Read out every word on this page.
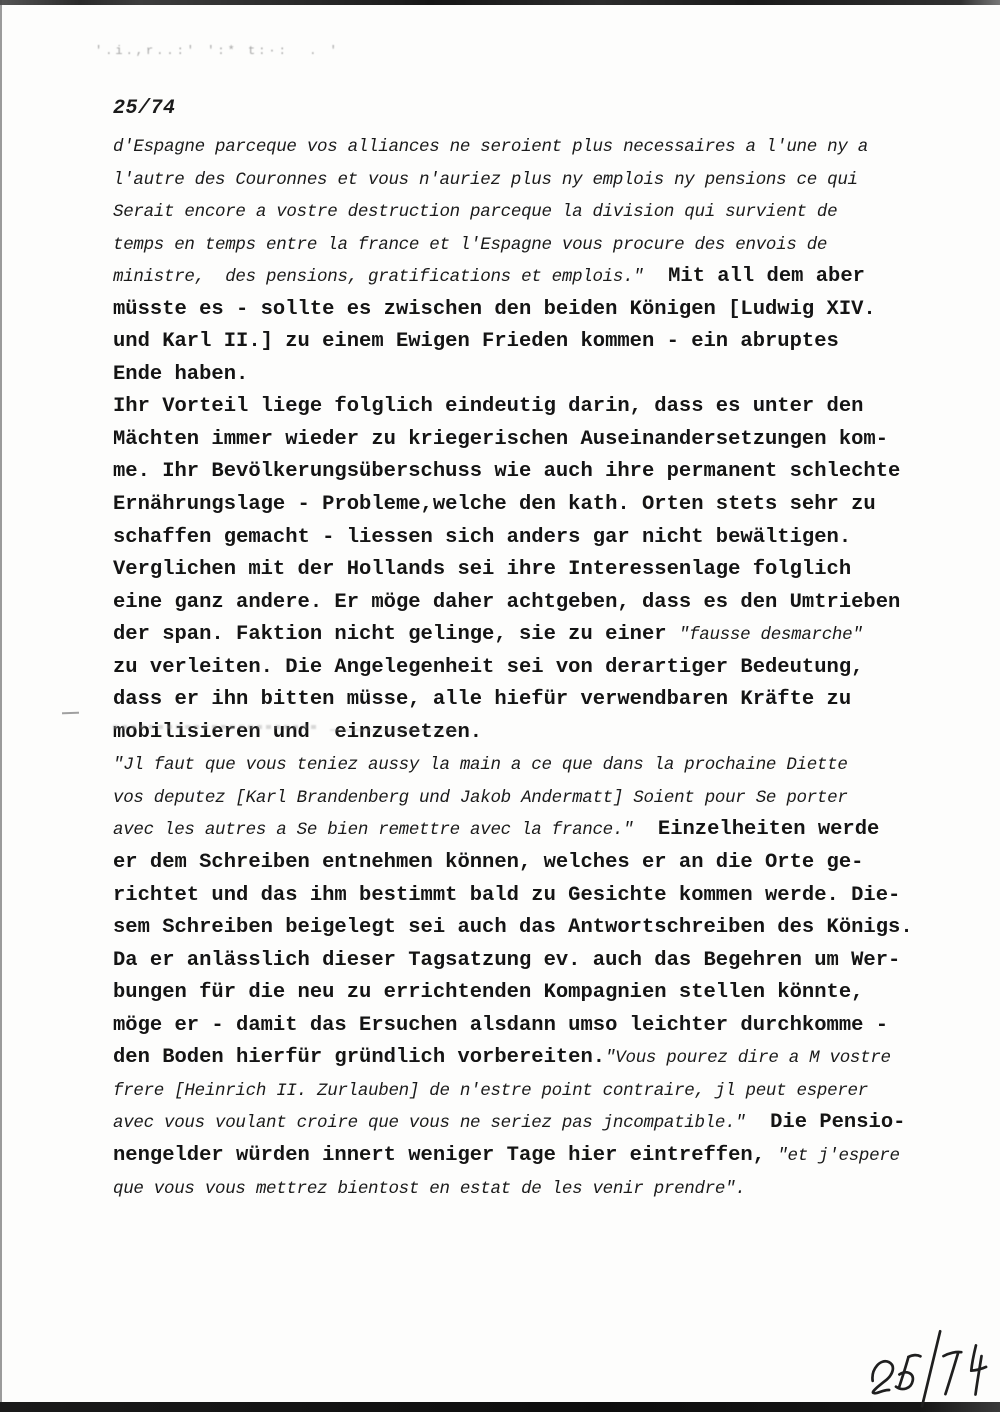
'.i.,r..:' ':* t:·:  . '
25/74
d'Espagne parceque vos alliances ne seroient plus necessaires a l'une ny a
l'autre des Couronnes et vous n'auriez plus ny emplois ny pensions ce qui
Serait encore a vostre destruction parceque la division qui survient de
temps en temps entre la france et l'Espagne vous procure des envois de
ministre,  des pensions, gratifications et emplois."  Mit all dem aber
müsste es - sollte es zwischen den beiden Königen [Ludwig XIV.
und Karl II.] zu einem Ewigen Frieden kommen - ein abruptes
Ende haben.
Ihr Vorteil liege folglich eindeutig darin, dass es unter den
Mächten immer wieder zu kriegerischen Auseinandersetzungen kom-
me. Ihr Bevölkerungsüberschuss wie auch ihre permanent schlechte
Ernährungslage - Probleme,welche den kath. Orten stets sehr zu
schaffen gemacht - liessen sich anders gar nicht bewältigen.
Verglichen mit der Hollands sei ihre Interessenlage folglich
eine ganz andere. Er möge daher achtgeben, dass es den Umtrieben
der span. Faktion nicht gelinge, sie zu einer "fausse desmarche"
zu verleiten. Die Angelegenheit sei von derartiger Bedeutung,
dass er ihn bitten müsse, alle hiefür verwendbaren Kräfte zu
mobilisieren und  einzusetzen.
"Jl faut que vous teniez aussy la main a ce que dans la prochaine Diette
vos deputez [Karl Brandenberg und Jakob Andermatt] Soient pour Se porter
avec les autres a Se bien remettre avec la france."  Einzelheiten werde
er dem Schreiben entnehmen können, welches er an die Orte ge-
richtet und das ihm bestimmt bald zu Gesichte kommen werde. Die-
sem Schreiben beigelegt sei auch das Antwortschreiben des Königs.
Da er anlässlich dieser Tagsatzung ev. auch das Begehren um Wer-
bungen für die neu zu errichtenden Kompagnien stellen könnte,
möge er - damit das Ersuchen alsdann umso leichter durchkomme -
den Boden hierfür gründlich vorbereiten."Vous pourez dire a M vostre
frere [Heinrich II. Zurlauben] de n'estre point contraire, jl peut esperer
avec vous voulant croire que vous ne seriez pas jncompatible."  Die Pensio-
nengelder würden innert weniger Tage hier eintreffen, "et j'espere
que vous vous mettrez bientost en estat de les venir prendre".
